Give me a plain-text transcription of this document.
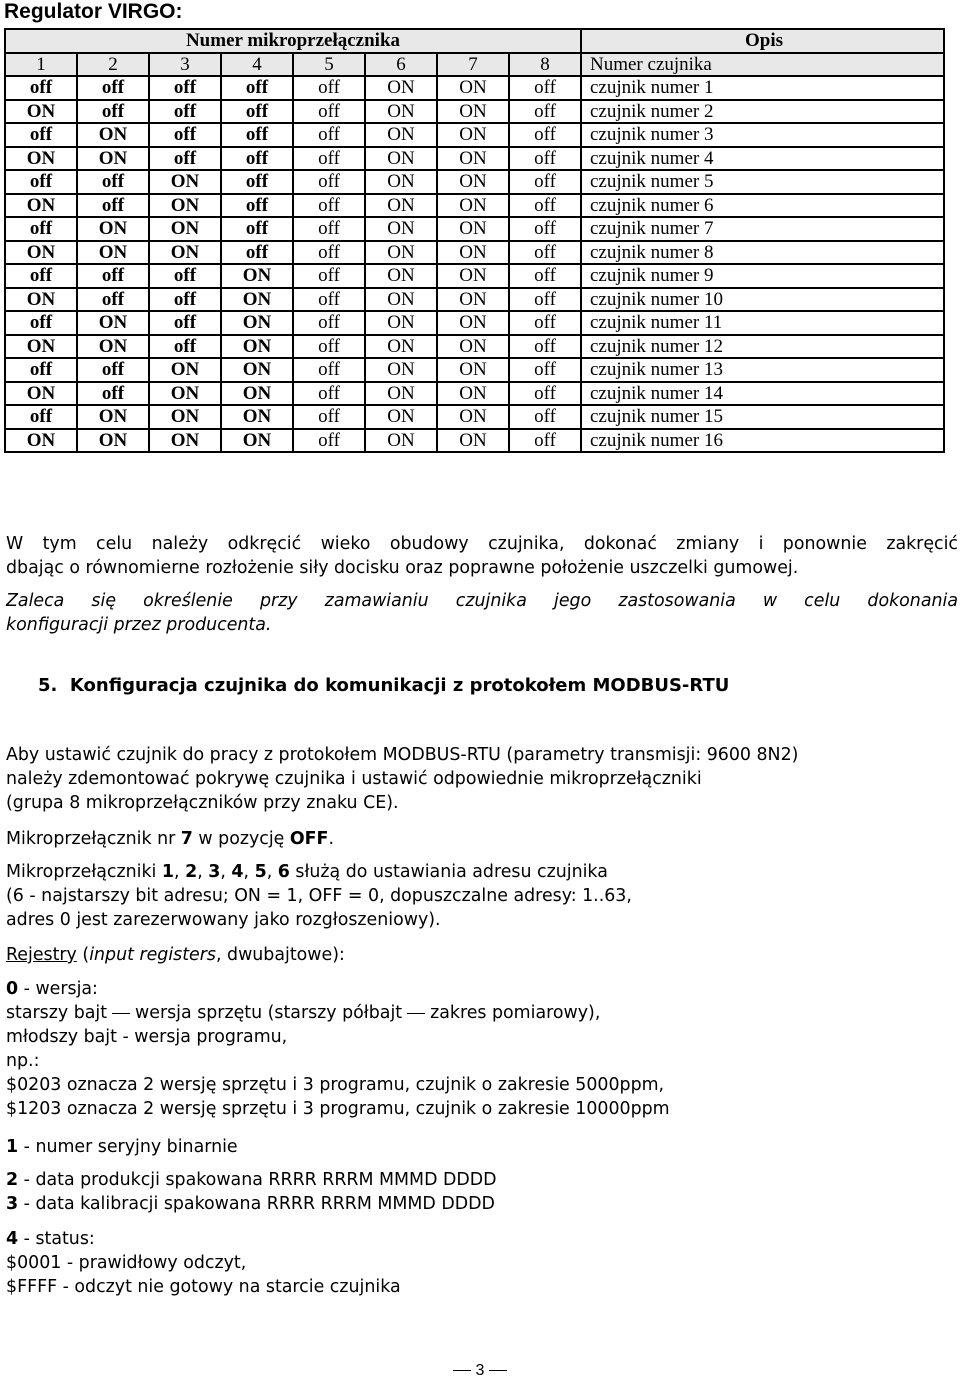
Regulator VIRGO:
Numer mikroprzełącznika								Opis
1	2	3	4	5	6	7	8	Numer czujnika
off	off	off	off	off	ON	ON	off	czujnik numer 1
ON	off	off	off	off	ON	ON	off	czujnik numer 2
off	ON	off	off	off	ON	ON	off	czujnik numer 3
ON	ON	off	off	off	ON	ON	off	czujnik numer 4
off	off	ON	off	off	ON	ON	off	czujnik numer 5
ON	off	ON	off	off	ON	ON	off	czujnik numer 6
off	ON	ON	off	off	ON	ON	off	czujnik numer 7
ON	ON	ON	off	off	ON	ON	off	czujnik numer 8
off	off	off	ON	off	ON	ON	off	czujnik numer 9
ON	off	off	ON	off	ON	ON	off	czujnik numer 10
off	ON	off	ON	off	ON	ON	off	czujnik numer 11
ON	ON	off	ON	off	ON	ON	off	czujnik numer 12
off	off	ON	ON	off	ON	ON	off	czujnik numer 13
ON	off	ON	ON	off	ON	ON	off	czujnik numer 14
off	ON	ON	ON	off	ON	ON	off	czujnik numer 15
ON	ON	ON	ON	off	ON	ON	off	czujnik numer 16
W tym celu należy odkręcić wieko obudowy czujnika, dokonać zmiany i ponownie zakręcić
dbając o równomierne rozłożenie siły docisku oraz poprawne położenie uszczelki gumowej.
Zaleca się określenie przy zamawianiu czujnika jego zastosowania w celu dokonania
konfiguracji przez producenta.
5. Konfiguracja czujnika do komunikacji z protokołem MODBUS-RTU
Aby ustawić czujnik do pracy z protokołem MODBUS-RTU (parametry transmisji: 9600 8N2)
należy zdemontować pokrywę czujnika i ustawić odpowiednie mikroprzełączniki
(grupa 8 mikroprzełączników przy znaku CE).
Mikroprzełącznik nr 7 w pozycję OFF.
Mikroprzełączniki 1, 2, 3, 4, 5, 6 służą do ustawiania adresu czujnika
(6 - najstarszy bit adresu; ON = 1, OFF = 0, dopuszczalne adresy: 1..63,
adres 0 jest zarezerwowany jako rozgłoszeniowy).
Rejestry (input registers, dwubajtowe):
0 - wersja:
starszy bajt wersja sprzętu (starszy półbajt zakres pomiarowy),
młodszy bajt - wersja programu,
np.:
$0203 oznacza 2 wersję sprzętu i 3 programu, czujnik o zakresie 5000ppm,
$1203 oznacza 2 wersję sprzętu i 3 programu, czujnik o zakresie 10000ppm
1 - numer seryjny binarnie
2 - data produkcji spakowana RRRR RRRM MMMD DDDD
3 - data kalibracji spakowana RRRR RRRM MMMD DDDD
4 - status:
$0001 - prawidłowy odczyt,
$FFFF - odczyt nie gotowy na starcie czujnika
3
